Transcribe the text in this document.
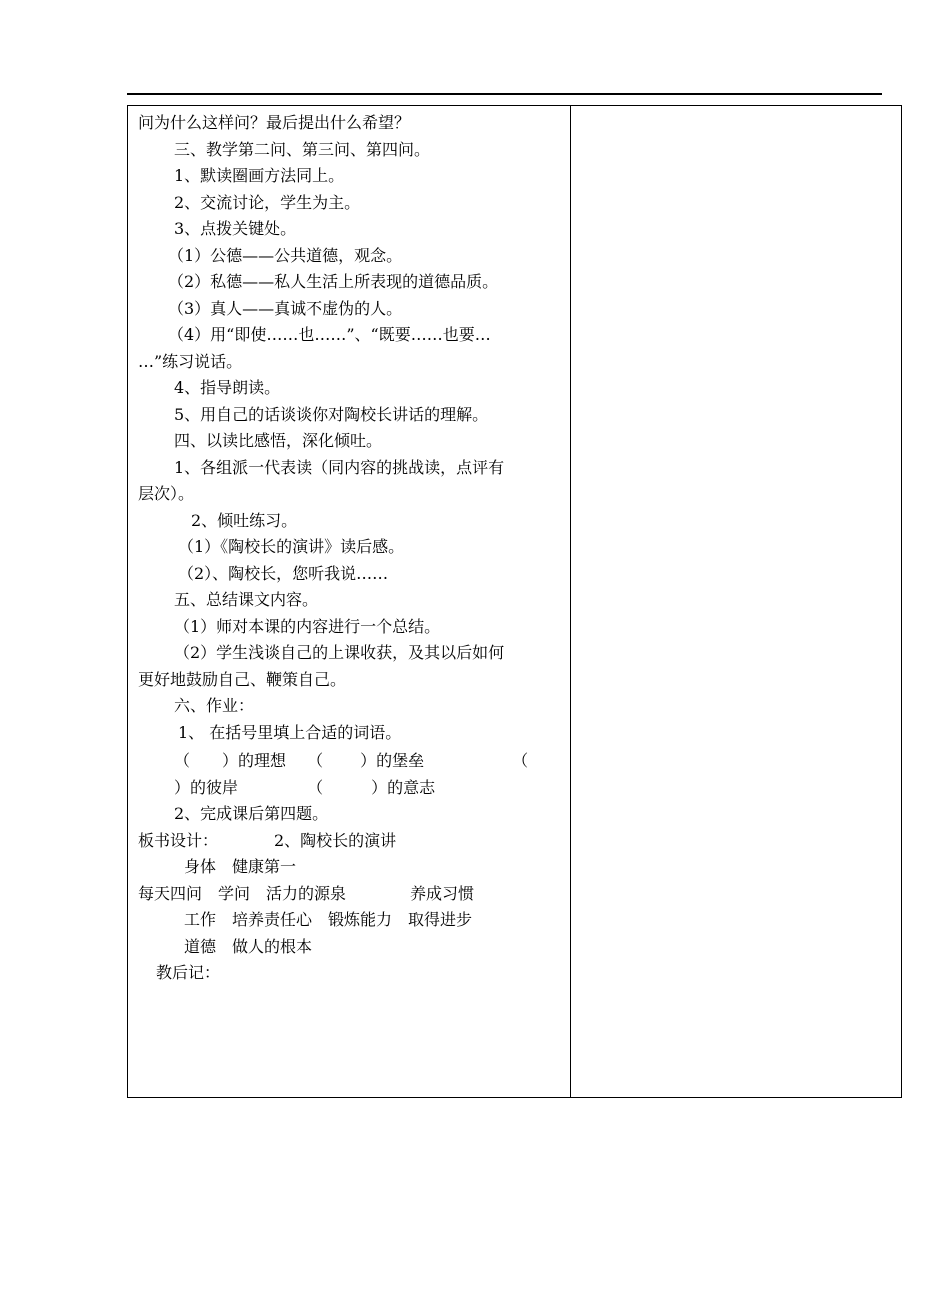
问为什么这样问？最后提出什么希望？
三、教学第二问、第三问、第四问。
1、默读圈画方法同上。
2、交流讨论，学生为主。
3、点拨关键处。
（1）公德——公共道德，观念。
（2）私德——私人生活上所表现的道德品质。
（3）真人——真诚不虚伪的人。
（4）用“即使……也……”、“既要……也要…
…”练习说话。
4、指导朗读。
5、用自己的话谈谈你对陶校长讲话的理解。
四、以读比感悟，深化倾吐。
1、各组派一代表读（同内容的挑战读，点评有
层次）。
2、倾吐练习。
（1）《陶校长的演讲》读后感。
（2）、陶校长，您听我说……
五、总结课文内容。
（1）师对本课的内容进行一个总结。
（2）学生浅谈自己的上课收获，及其以后如何
更好地鼓励自己、鞭策自己。
六、作业：
1、 在括号里填上合适的词语。
（　　）的理想　 （　　 ）的堡垒　　　　　　（
）的彼岸　　　　 （　　　）的意志
2、完成课后第四题。
板书设计：　　　　2、陶校长的演讲
身体　健康第一
每天四问　学问　活力的源泉　　　　养成习惯
工作　培养责任心　锻炼能力　取得进步
道德　做人的根本
教后记：
